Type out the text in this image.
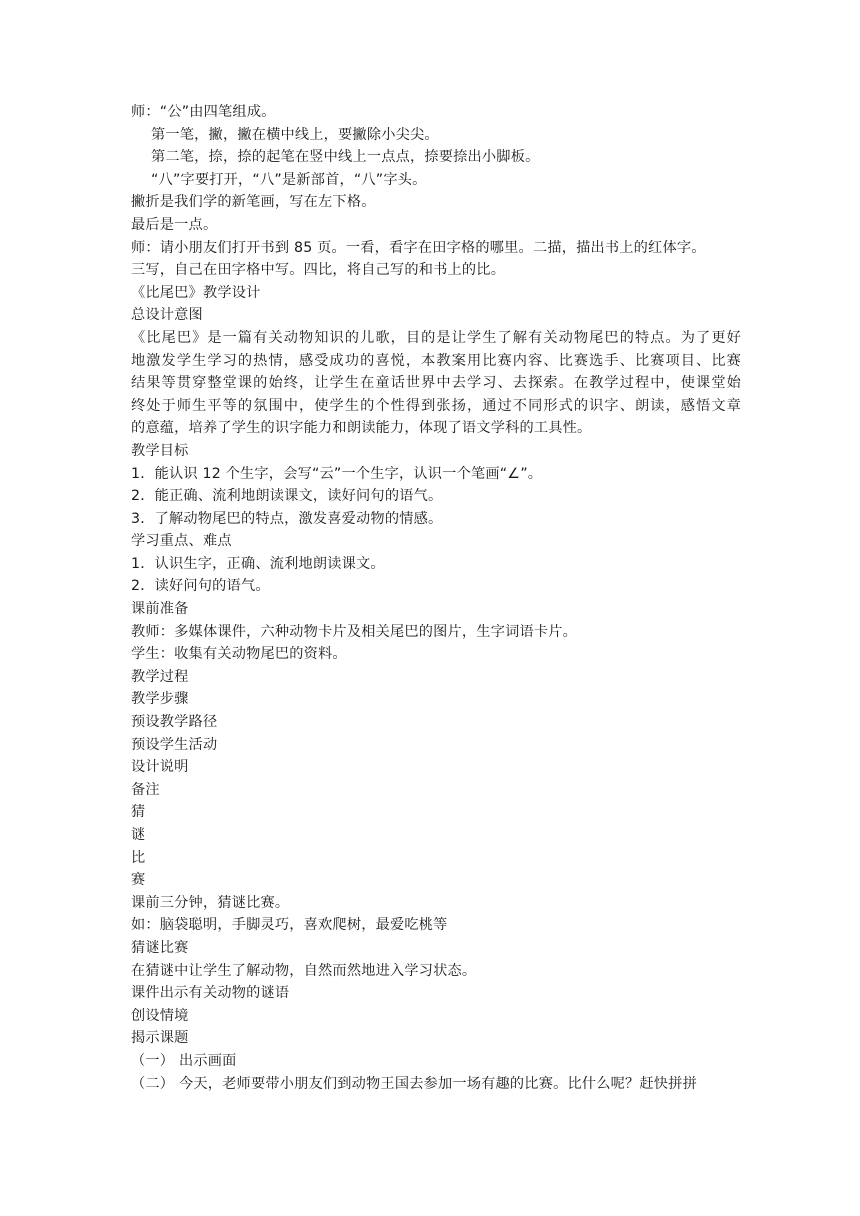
师：“公”由四笔组成。
第一笔，撇，撇在横中线上，要撇除小尖尖。
第二笔，捺，捺的起笔在竖中线上一点点，捺要捺出小脚板。
“八”字要打开，“八”是新部首，“八”字头。
撇折是我们学的新笔画，写在左下格。
最后是一点。
师：请小朋友们打开书到 85 页。一看，看字在田字格的哪里。二描，描出书上的红体字。
三写，自己在田字格中写。四比，将自己写的和书上的比。
《比尾巴》教学设计
总设计意图
《比尾巴》是一篇有关动物知识的儿歌，目的是让学生了解有关动物尾巴的特点。为了更好
地激发学生学习的热情，感受成功的喜悦，本教案用比赛内容、比赛选手、比赛项目、比赛
结果等贯穿整堂课的始终，让学生在童话世界中去学习、去探索。在教学过程中，使课堂始
终处于师生平等的氛围中，使学生的个性得到张扬，通过不同形式的识字、朗读，感悟文章
的意蕴，培养了学生的识字能力和朗读能力，体现了语文学科的工具性。
教学目标
1．能认识 12 个生字，会写“云”一个生字，认识一个笔画“∠”。
2．能正确、流利地朗读课文，读好问句的语气。
3．了解动物尾巴的特点，激发喜爱动物的情感。
学习重点、难点
1．认识生字，正确、流利地朗读课文。
2．读好问句的语气。
课前准备
教师：多媒体课件，六种动物卡片及相关尾巴的图片，生字词语卡片。
学生：收集有关动物尾巴的资料。
教学过程
教学步骤
预设教学路径
预设学生活动
设计说明
备注
猜
谜
比
赛
课前三分钟，猜谜比赛。
如：脑袋聪明，手脚灵巧，喜欢爬树，最爱吃桃等
猜谜比赛
在猜谜中让学生了解动物，自然而然地进入学习状态。
课件出示有关动物的谜语
创设情境
揭示课题
（一） 出示画面
（二） 今天，老师要带小朋友们到动物王国去参加一场有趣的比赛。比什么呢？赶快拼拼
